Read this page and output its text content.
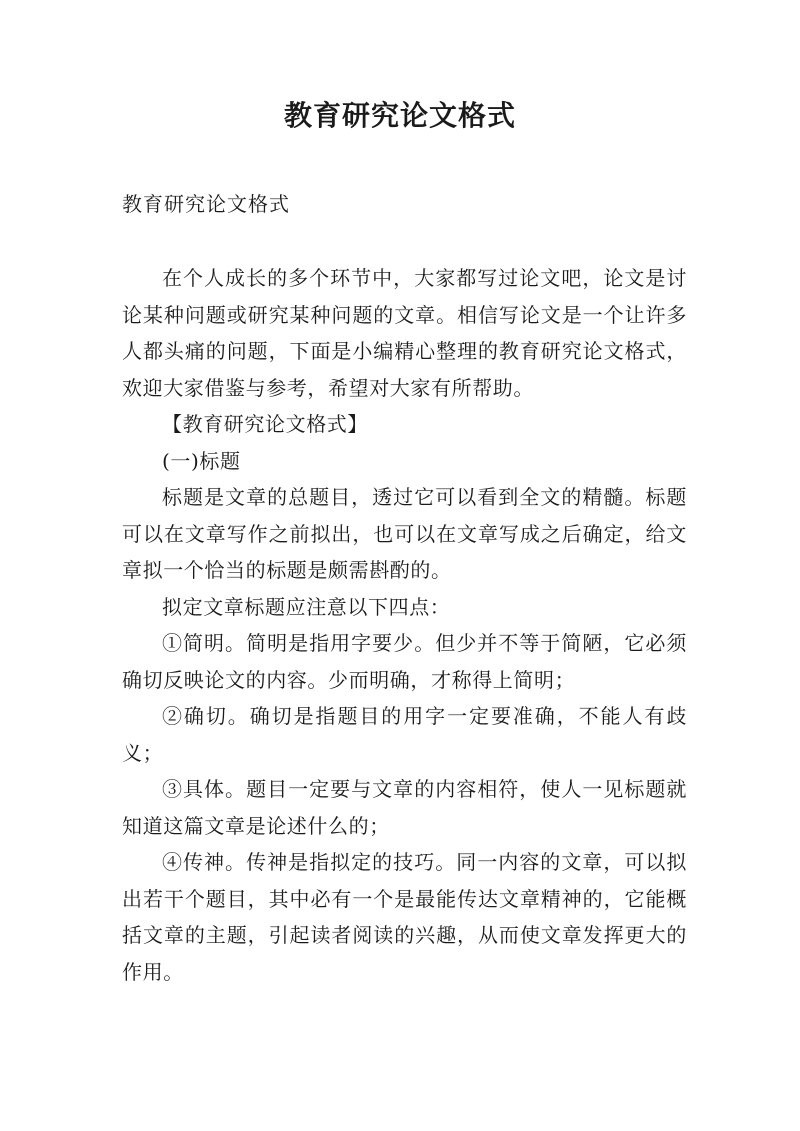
教育研究论文格式

教育研究论文格式

在个人成长的多个环节中，大家都写过论文吧，论文是讨论某种问题或研究某种问题的文章。相信写论文是一个让许多人都头痛的问题，下面是小编精心整理的教育研究论文格式，欢迎大家借鉴与参考，希望对大家有所帮助。

【教育研究论文格式】

(一)标题

标题是文章的总题目，透过它可以看到全文的精髓。标题可以在文章写作之前拟出，也可以在文章写成之后确定，给文章拟一个恰当的标题是颇需斟酌的。

拟定文章标题应注意以下四点：

①简明。简明是指用字要少。但少并不等于简陋，它必须确切反映论文的内容。少而明确，才称得上简明；

②确切。确切是指题目的用字一定要准确，不能人有歧义；

③具体。题目一定要与文章的内容相符，使人一见标题就知道这篇文章是论述什么的；

④传神。传神是指拟定的技巧。同一内容的文章，可以拟出若干个题目，其中必有一个是最能传达文章精神的，它能概括文章的主题，引起读者阅读的兴趣，从而使文章发挥更大的作用。
